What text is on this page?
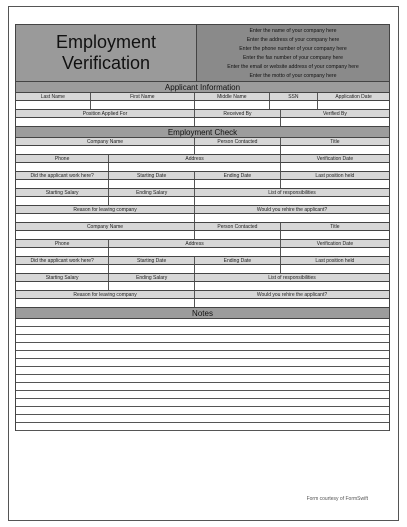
Employment
Verification
Enter the name of your company here
Enter the address of your company here
Enter the phone number of your company here
Enter the fax number of your company here
Enter the email or website address of your company here
Enter the motto of your company here
Applicant Information
Last Name	First Name	Middle Name	SSN	Application Date
Position Applied For	Received By	Verified By
Employment Check
Company Name	Person Contacted	Title
Phone	Address	Verification Date
Did the applicant work here?	Starting Date	Ending Date	Last position held
Starting Salary	Ending Salary	List of responsibilities
Reason for leaving company	Would you rehire the applicant?
Company Name	Person Contacted	Title
Phone	Address	Verification Date
Did the applicant work here?	Starting Date	Ending Date	Last position held
Starting Salary	Ending Salary	List of responsibilities
Reason for leaving company	Would you rehire the applicant?
Notes
Form courtesy of FormSwift
